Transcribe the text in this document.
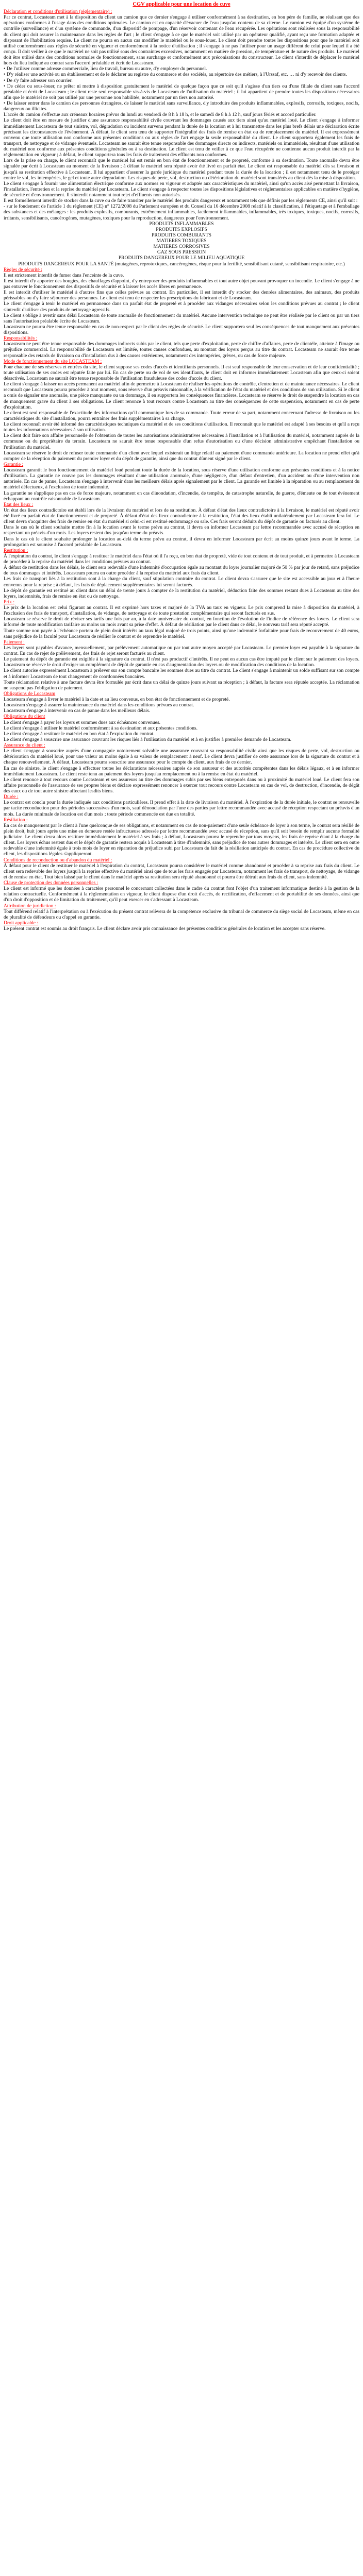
CGV applicable pour une location de cuve
Déclaration et conditions d'utilisation (réglementaire) :
Par ce contrat, Locasteam met à la disposition du client un camion que ce dernier s'engage à utiliser conformément à sa destination, en bon père de famille, ne réalisant que des opérations conformes à l'usage dans des conditions optimales. Le camion est en capacité d'évacuer de l'eau jusqu'au contenu de sa citerne. Le camion est équipé d'un système de contrôle (surveillance) et d'un système de commande, d'un dispositif de pompage, d'un réservoir contenant de l'eau récupérée. Les opérations sont réalisées sous la responsabilité du client qui doit assurer la maintenance dans les règles de l'art ; le client s'engage à ce que le matériel soit utilisé par un opérateur qualifié, ayant reçu une formation adaptée et disposant de l'habilitation requise. Le client ne pourra en aucun cas modifier le matériel ou le sous-louer. Le client doit prendre toutes les dispositions pour que le matériel soit utilisé conformément aux règles de sécurité en vigueur et conformément à la notice d'utilisation ; il s'engage à ne pas l'utiliser pour un usage différent de celui pour lequel il a été conçu. Il doit veiller à ce que le matériel ne soit pas utilisé sous des contraintes excessives, notamment en matière de pression, de température et de nature des produits. Le matériel doit être utilisé dans des conditions normales de fonctionnement, sans surcharge et conformément aux préconisations du constructeur. Le client s'interdit de déplacer le matériel hors du lieu indiqué au contrat sans l'accord préalable et écrit de Locasteam.
• De l'utiliser comme adresse commerciale, lieu de travail, bureau ou autre, d'y employer du personnel.
• D'y réaliser une activité ou un établissement et de le déclarer au registre du commerce et des sociétés, au répertoire des métiers, à l'Urssaf, etc. … ni d'y recevoir des clients.
• De s'y faire adresser son courrier.
• De céder ou sous-louer, ne prêter ni mettre à disposition gratuitement le matériel de quelque façon que ce soit qu'il s'agisse d'un tiers ou d'une filiale du client sans l'accord préalable et écrit de Locasteam ; le client reste seul responsable vis-à-vis de Locasteam de l'utilisation du matériel ; il lui appartient de prendre toutes les dispositions nécessaires afin que le matériel ne soit pas utilisé par une personne non habilitée, notamment par un tiers non autorisé.
• De laisser entrer dans le camion des personnes étrangères, de laisser le matériel sans surveillance, d'y introduire des produits inflammables, explosifs, corrosifs, toxiques, nocifs, dangereux ou illicites.
L'accès du camion s'effectue aux créneaux horaires prévus du lundi au vendredi de 8 h à 18 h, et le samedi de 8 h à 12 h, sauf jours fériés et accord particulier.
Le client doit être en mesure de justifier d'une assurance responsabilité civile couvrant les dommages causés aux tiers ainsi qu'au matériel loué. Le client s'engage à informer immédiatement Locasteam de tout sinistre, vol, dégradation ou incident survenu pendant la durée de la location et à lui transmettre dans les plus brefs délais une déclaration écrite précisant les circonstances de l'événement. À défaut, le client sera tenu de supporter l'intégralité des frais de remise en état ou de remplacement du matériel. Il est expressément convenu que toute utilisation non conforme aux présentes conditions ou aux règles de l'art engage la seule responsabilité du client. Le client supportera également les frais de transport, de nettoyage et de vidange éventuels. Locasteam ne saurait être tenue responsable des dommages directs ou indirects, matériels ou immatériels, résultant d'une utilisation du matériel non conforme aux présentes conditions générales ou à sa destination. Le client est tenu de veiller à ce que l'eau récupérée ne contienne aucun produit interdit par la réglementation en vigueur ; à défaut, le client supportera tous les frais de traitement des effluents non conformes.
Lors de la prise en charge, le client reconnaît que le matériel lui est remis en bon état de fonctionnement et de propreté, conforme à sa destination. Toute anomalie devra être signalée par écrit à Locasteam au moment de la livraison ; à défaut le matériel sera réputé avoir été livré en parfait état. Le client est responsable du matériel dès sa livraison et jusqu'à sa restitution effective à Locasteam. Il lui appartient d'assurer la garde juridique du matériel pendant toute la durée de la location ; il est notamment tenu de le protéger contre le vol, les intempéries, le gel et toute autre dégradation. Les risques de perte, vol, destruction ou détérioration du matériel sont transférés au client dès la mise à disposition.
Le client s'engage à fournir une alimentation électrique conforme aux normes en vigueur et adaptée aux caractéristiques du matériel, ainsi qu'un accès aisé permettant la livraison, l'installation, l'entretien et la reprise du matériel par Locasteam. Le client s'engage à respecter toutes les dispositions législatives et réglementaires applicables en matière d'hygiène, de sécurité et d'environnement. Il s'interdit notamment tout rejet d'effluents non autorisés.
Il est formellement interdit de stocker dans la cuve ou de faire transiter par le matériel des produits dangereux et notamment tels que définis par les règlements CE, ainsi qu'il suit :
- sur le fondement de l'article 1 du règlement (CE) n° 1272/2008 du Parlement européen et du Conseil du 16 décembre 2008 relatif à la classification, à l'étiquetage et à l'emballage des substances et des mélanges : les produits explosifs, comburants, extrêmement inflammables, facilement inflammables, inflammables, très toxiques, toxiques, nocifs, corrosifs, irritants, sensibilisants, cancérogènes, mutagènes, toxiques pour la reproduction, dangereux pour l'environnement.
PRODUITS INFLAMMABLES
PRODUITS EXPLOSIFS
PRODUITS COMBURANTS
MATIERES TOXIQUES
MATIERES CORROSIVES
GAZ SOUS PRESSION
PRODUITS DANGEREUX POUR LE MILIEU AQUATIQUE
PRODUITS DANGEREUX POUR LA SANTÉ (mutagènes, reprotoxiques, cancérogènes, risque pour la fertilité, sensibilisant cutané, sensibilisant respiratoire, etc.)
Règles de sécurité :
Il est strictement interdit de fumer dans l'enceinte de la cuve.
Il est interdit d'y apporter des bougies, des chauffages d'appoint, d'y entreposer des produits inflammables et tout autre objet pouvant provoquer un incendie. Le client s'engage à ne pas entraver le fonctionnement des dispositifs de sécurité et à laisser les accès libres en permanence.
Il est interdit d'utiliser le matériel à d'autres fins que celles prévues au contrat. En particulier, il est interdit d'y stocker des denrées alimentaires, des animaux, des produits périssables ou d'y faire séjourner des personnes. Le client est tenu de respecter les prescriptions du fabricant et de Locasteam.
Le client s'engage à tenir le matériel en permanence dans un parfait état de propreté et à procéder aux vidanges nécessaires selon les conditions prévues au contrat ; le client s'interdit d'utiliser des produits de nettoyage agressifs.
Le client s'oblige à avertir sans délai Locasteam de toute anomalie de fonctionnement du matériel. Aucune intervention technique ne peut être réalisée par le client ou par un tiers sans l'autorisation préalable écrite de Locasteam.
Locasteam ne pourra être tenue responsable en cas de non-respect par le client des règles de sécurité. Le client supportera seul les conséquences de tout manquement aux présentes dispositions.
Responsabilités :
Locasteam ne peut être tenue responsable des dommages indirects subis par le client, tels que perte d'exploitation, perte de chiffre d'affaires, perte de clientèle, atteinte à l'image ou préjudice commercial. La responsabilité de Locasteam est limitée, toutes causes confondues, au montant des loyers perçus au titre du contrat. Locasteam ne saurait être tenue responsable des retards de livraison ou d'installation dus à des causes extérieures, notamment des intempéries, grèves, ou cas de force majeure.
Mode de fonctionnement du site LOCASTEAM :
Pour chacune de ses réserves et entrées du site, le client suppose ses codes d'accès et identifiants personnels. Il est seul responsable de leur conservation et de leur confidentialité ; toute utilisation de ses codes est réputée faite par lui. En cas de perte ou de vol de ses identifiants, le client doit en informer immédiatement Locasteam afin que ceux-ci soient désactivés. Locasteam ne saurait être tenue responsable de l'utilisation frauduleuse des codes d'accès du client.
Le client s'engage à laisser un accès permanent au matériel afin de permettre à Locasteam de réaliser les opérations de contrôle, d'entretien et de maintenance nécessaires. Le client reconnaît que Locasteam pourra procéder à tout moment, sous réserve d'un préavis raisonnable, à la vérification de l'état du matériel et des conditions de son utilisation. Si le client a omis de signaler une anomalie, une pièce manquante ou un dommage, il en supportera les conséquences financières. Locasteam se réserve le droit de suspendre la location en cas de manquement grave du client à ses obligations. Le client renonce à tout recours contre Locasteam au titre des conséquences de cette suspension, notamment en cas de perte d'exploitation.
Le client est seul responsable de l'exactitude des informations qu'il communique lors de sa commande. Toute erreur de sa part, notamment concernant l'adresse de livraison ou les caractéristiques du site d'installation, pourra entraîner des frais supplémentaires à sa charge.
Le client reconnaît avoir été informé des caractéristiques techniques du matériel et de ses conditions d'utilisation. Il reconnaît que le matériel est adapté à ses besoins et qu'il a reçu toutes les informations nécessaires à son utilisation.
Le client doit faire son affaire personnelle de l'obtention de toutes les autorisations administratives nécessaires à l'installation et à l'utilisation du matériel, notamment auprès de la commune ou du propriétaire du terrain. Locasteam ne saurait être tenue responsable d'un refus d'autorisation ou d'une décision administrative empêchant l'installation ou l'utilisation du matériel.
Locasteam se réserve le droit de refuser toute commande d'un client avec lequel existerait un litige relatif au paiement d'une commande antérieure. La location ne prend effet qu'à compter de la réception du paiement du premier loyer et du dépôt de garantie, ainsi que du contrat dûment signé par le client.
Garantie :
Locasteam garantit le bon fonctionnement du matériel loué pendant toute la durée de la location, sous réserve d'une utilisation conforme aux présentes conditions et à la notice d'utilisation. La garantie ne couvre pas les dommages résultant d'une utilisation anormale, d'une négligence, d'un défaut d'entretien, d'un accident ou d'une intervention non autorisée. En cas de panne, Locasteam s'engage à intervenir dans les meilleurs délais après signalement par le client. La garantie est limitée à la réparation ou au remplacement du matériel défectueux, à l'exclusion de toute indemnité.
La garantie ne s'applique pas en cas de force majeure, notamment en cas d'inondation, d'incendie, de tempête, de catastrophe naturelle, de guerre, d'émeute ou de tout événement échappant au contrôle raisonnable de Locasteam.
Etat des lieux :
Un état des lieux contradictoire est établi lors de la livraison du matériel et lors de sa restitution. À défaut d'état des lieux contradictoire à la livraison, le matériel est réputé avoir été livré en parfait état de fonctionnement et de propreté. À défaut d'état des lieux contradictoire à la restitution, l'état des lieux établi unilatéralement par Locasteam fera foi. Le client devra s'acquitter des frais de remise en état du matériel si celui-ci est restitué endommagé ou sale. Ces frais seront déduits du dépôt de garantie ou facturés au client.
Dans le cas où le client souhaite mettre fin à la location avant le terme prévu au contrat, il devra en informer Locasteam par lettre recommandée avec accusé de réception en respectant un préavis d'un mois. Les loyers restent dus jusqu'au terme du préavis.
Dans le cas où le client souhaite prolonger la location au-delà du terme prévu au contrat, il devra en informer Locasteam par écrit au moins quinze jours avant le terme. La prolongation est soumise à l'accord préalable de Locasteam.
Restitution :
À l'expiration du contrat, le client s'engage à restituer le matériel dans l'état où il l'a reçu, en bon état de propreté, vide de tout contenu et de tout produit, et à permettre à Locasteam de procéder à la reprise du matériel dans les conditions prévues au contrat.
À défaut de restitution dans les délais, le client sera redevable d'une indemnité d'occupation égale au montant du loyer journalier majoré de 50 % par jour de retard, sans préjudice de tous dommages et intérêts. Locasteam pourra en outre procéder à la reprise du matériel aux frais du client.
Les frais de transport liés à la restitution sont à la charge du client, sauf stipulation contraire du contrat. Le client devra s'assurer que le site est accessible au jour et à l'heure convenus pour la reprise ; à défaut, les frais de déplacement supplémentaires lui seront facturés.
Le dépôt de garantie est restitué au client dans un délai de trente jours à compter de la restitution du matériel, déduction faite des sommes restant dues à Locasteam au titre des loyers, indemnités, frais de remise en état ou de nettoyage.
Prix :
Le prix de la location est celui figurant au contrat. Il est exprimé hors taxes et majoré de la TVA au taux en vigueur. Le prix comprend la mise à disposition du matériel, à l'exclusion des frais de transport, d'installation, de vidange, de nettoyage et de toute prestation complémentaire qui seront facturés en sus.
Locasteam se réserve le droit de réviser ses tarifs une fois par an, à la date anniversaire du contrat, en fonction de l'évolution de l'indice de référence des loyers. Le client sera informé de toute modification tarifaire au moins un mois avant sa prise d'effet. À défaut de résiliation par le client dans ce délai, le nouveau tarif sera réputé accepté.
Toute somme non payée à l'échéance portera de plein droit intérêts au taux légal majoré de trois points, ainsi qu'une indemnité forfaitaire pour frais de recouvrement de 40 euros, sans préjudice de la faculté pour Locasteam de résilier le contrat et de reprendre le matériel.
Paiement :
Les loyers sont payables d'avance, mensuellement, par prélèvement automatique ou par tout autre moyen accepté par Locasteam. Le premier loyer est payable à la signature du contrat. En cas de rejet de prélèvement, des frais de rejet seront facturés au client.
Le paiement du dépôt de garantie est exigible à la signature du contrat. Il n'est pas productif d'intérêts. Il ne peut en aucun cas être imputé par le client sur le paiement des loyers. Locasteam se réserve le droit d'exiger un complément de dépôt de garantie en cas d'augmentation des loyers ou de modification des conditions de la location.
Le client autorise expressément Locasteam à prélever sur son compte bancaire les sommes dues au titre du contrat. Le client s'engage à maintenir un solde suffisant sur son compte et à informer Locasteam de tout changement de coordonnées bancaires.
Toute réclamation relative à une facture devra être formulée par écrit dans un délai de quinze jours suivant sa réception ; à défaut, la facture sera réputée acceptée. La réclamation ne suspend pas l'obligation de paiement.
Obligations de Locasteam
Locasteam s'engage à livrer le matériel à la date et au lieu convenus, en bon état de fonctionnement et de propreté.
Locasteam s'engage à assurer la maintenance du matériel dans les conditions prévues au contrat.
Locasteam s'engage à intervenir en cas de panne dans les meilleurs délais.
Obligations du client
Le client s'engage à payer les loyers et sommes dues aux échéances convenues.
Le client s'engage à utiliser le matériel conformément à sa destination et aux présentes conditions.
Le client s'engage à restituer le matériel en bon état à l'expiration du contrat.
Le client s'engage à souscrire une assurance couvrant les risques liés à l'utilisation du matériel et à en justifier à première demande de Locasteam.
Assurance du client :
Le client s'engage à souscrire auprès d'une compagnie notoirement solvable une assurance couvrant sa responsabilité civile ainsi que les risques de perte, vol, destruction ou détérioration du matériel loué, pour une valeur au moins égale à sa valeur de remplacement à neuf. Le client devra justifier de cette assurance lors de la signature du contrat et à chaque renouvellement. À défaut, Locasteam pourra souscrire une assurance pour le compte du client, aux frais de ce dernier.
En cas de sinistre, le client s'engage à effectuer toutes les déclarations nécessaires auprès de son assureur et des autorités compétentes dans les délais légaux, et à en informer immédiatement Locasteam. Le client reste tenu au paiement des loyers jusqu'au remplacement ou à la remise en état du matériel.
Le client renonce à tout recours contre Locasteam et ses assureurs au titre des dommages subis par ses biens entreposés dans ou à proximité du matériel loué. Le client fera son affaire personnelle de l'assurance de ses propres biens et déclare expressément renoncer à exercer tout recours contre Locasteam en cas de vol, de destruction, d'incendie, de dégât des eaux ou de tout autre sinistre affectant lesdits biens.
Durée :
Le contrat est conclu pour la durée indiquée aux conditions particulières. Il prend effet à la date de livraison du matériel. À l'expiration de la durée initiale, le contrat se renouvelle par tacite reconduction pour des périodes successives d'un mois, sauf dénonciation par l'une des parties par lettre recommandée avec accusé de réception respectant un préavis d'un mois. La durée minimale de location est d'un mois ; toute période commencée est due en totalité.
Résiliation :
En cas de manquement par le client à l'une quelconque de ses obligations, et notamment en cas de non-paiement d'une seule échéance de loyer à son terme, le contrat sera résilié de plein droit, huit jours après une mise en demeure restée infructueuse adressée par lettre recommandée avec accusé de réception, sans qu'il soit besoin de remplir aucune formalité judiciaire. Le client devra alors restituer immédiatement le matériel à ses frais ; à défaut, Locasteam pourra le reprendre par tous moyens, les frais de reprise étant à la charge du client. Les loyers échus restent dus et le dépôt de garantie restera acquis à Locasteam à titre d'indemnité, sans préjudice de tous autres dommages et intérêts. Le client sera en outre redevable d'une indemnité égale à trois mois de loyer en réparation du préjudice subi par Locasteam du fait de la résiliation anticipée du contrat. En cas de procédure collective du client, les dispositions légales s'appliqueront.
Conditions de reconduction ou d'abandon du matériel :
À défaut pour le client de restituer le matériel à l'expiration du contrat, Locasteam pourra considérer le matériel comme abandonné et procéder à sa reprise aux frais du client. Le client sera redevable des loyers jusqu'à la reprise effective du matériel ainsi que de tous les frais engagés par Locasteam, notamment les frais de transport, de nettoyage, de vidange et de remise en état. Tout bien laissé par le client dans le matériel après sa restitution sera réputé abandonné et pourra être détruit aux frais du client, sans indemnité.
Clause de protection des données personnelles :
Le client est informé que les données à caractère personnel le concernant collectées dans le cadre du contrat font l'objet d'un traitement informatique destiné à la gestion de la relation contractuelle. Conformément à la réglementation en vigueur, le client dispose d'un droit d'accès, de rectification, d'effacement et de portabilité de ses données, ainsi que d'un droit d'opposition et de limitation du traitement, qu'il peut exercer en s'adressant à Locasteam.
Attribution de juridiction :
Tout différend relatif à l'interprétation ou à l'exécution du présent contrat relèvera de la compétence exclusive du tribunal de commerce du siège social de Locasteam, même en cas de pluralité de défendeurs ou d'appel en garantie.
Droit applicable :
Le présent contrat est soumis au droit français. Le client déclare avoir pris connaissance des présentes conditions générales de location et les accepter sans réserve.
